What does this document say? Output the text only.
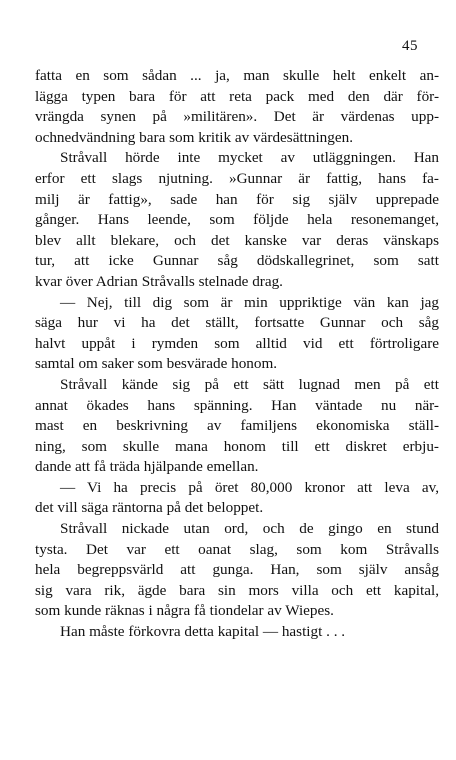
45
fatta en som sådan ... ja, man skulle helt enkelt an-
lägga typen bara för att reta pack med den där för-
vrängda synen på »militären». Det är värdenas upp-
ochnedvändning bara som kritik av värdesättningen.
Stråvall hörde inte mycket av utläggningen. Han
erfor ett slags njutning. »Gunnar är fattig, hans fa-
milj är fattig», sade han för sig själv upprepade
gånger. Hans leende, som följde hela resonemanget,
blev allt blekare, och det kanske var deras vänskaps
tur, att icke Gunnar såg dödskallegrinet, som satt
kvar över Adrian Stråvalls stelnade drag.
— Nej, till dig som är min uppriktige vän kan jag
säga hur vi ha det ställt, fortsatte Gunnar och såg
halvt uppåt i rymden som alltid vid ett förtroligare
samtal om saker som besvärade honom.
Stråvall kände sig på ett sätt lugnad men på ett
annat ökades hans spänning. Han väntade nu när-
mast en beskrivning av familjens ekonomiska ställ-
ning, som skulle mana honom till ett diskret erbju-
dande att få träda hjälpande emellan.
— Vi ha precis på öret 80,000 kronor att leva av,
det vill säga räntorna på det beloppet.
Stråvall nickade utan ord, och de gingo en stund
tysta. Det var ett oanat slag, som kom Stråvalls
hela begreppsvärld att gunga. Han, som själv ansåg
sig vara rik, ägde bara sin mors villa och ett kapital,
som kunde räknas i några få tiondelar av Wiepes.
Han måste förkovra detta kapital — hastigt . . .
